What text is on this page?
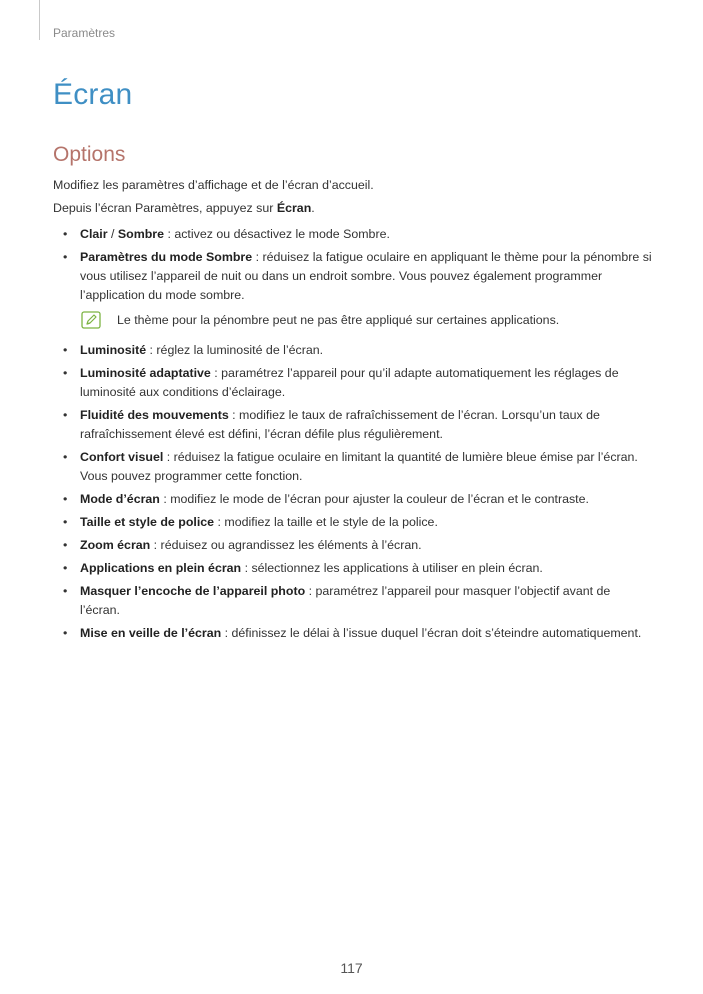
Paramètres
Écran
Options

Modifiez les paramètres d’affichage et de l’écran d’accueil.

Depuis l’écran Paramètres, appuyez sur Écran.

• Clair / Sombre : activez ou désactivez le mode Sombre.
• Paramètres du mode Sombre : réduisez la fatigue oculaire en appliquant le thème pour la pénombre si vous utilisez l’appareil de nuit ou dans un endroit sombre. Vous pouvez également programmer l’application du mode sombre.
Le thème pour la pénombre peut ne pas être appliqué sur certaines applications.
• Luminosité : réglez la luminosité de l’écran.
• Luminosité adaptative : paramétrez l’appareil pour qu’il adapte automatiquement les réglages de luminosité aux conditions d’éclairage.
• Fluidité des mouvements : modifiez le taux de rafraîchissement de l’écran. Lorsqu’un taux de rafraîchissement élevé est défini, l’écran défile plus régulièrement.
• Confort visuel : réduisez la fatigue oculaire en limitant la quantité de lumière bleue émise par l’écran. Vous pouvez programmer cette fonction.
• Mode d’écran : modifiez le mode de l’écran pour ajuster la couleur de l’écran et le contraste.
• Taille et style de police : modifiez la taille et le style de la police.
• Zoom écran : réduisez ou agrandissez les éléments à l’écran.
• Applications en plein écran : sélectionnez les applications à utiliser en plein écran.
• Masquer l’encoche de l’appareil photo : paramétrez l’appareil pour masquer l’objectif avant de l’écran.
• Mise en veille de l’écran : définissez le délai à l’issue duquel l’écran doit s’éteindre automatiquement.
117
